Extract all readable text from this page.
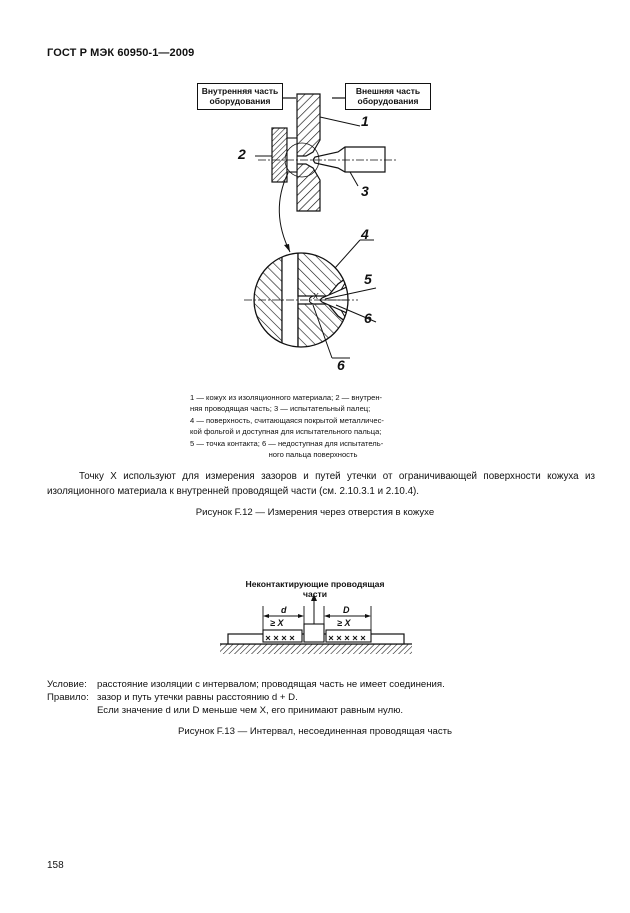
ГОСТ Р МЭК 60950-1—2009
Внутренняя часть оборудования
Внешняя часть оборудования
1
2
3
4
5
6
6
X
1 — кожух из изоляционного материала; 2 — внутрен-
няя проводящая часть; 3 — испытательный палец;
4 — поверхность, считающаяся покрытой металличес-
кой фольгой и доступная для испытательного пальца;
5 — точка контакта; 6 — недоступная для испытатель-
ного пальца поверхность
Точку X используют для измерения зазоров и путей утечки от ограничивающей поверхности кожуха из изоляционного материала к внутренней проводящей части (см. 2.10.3.1 и 2.10.4).
Рисунок F.12 — Измерения через отверстия в кожухе
Неконтактирующие проводящая
части
d	D
≥ X	≥ X
Условие: расстояние изоляции с интервалом; проводящая часть не имеет соединения.
Правило: зазор и путь утечки равны расстоянию d + D.
Если значение d или D меньше чем X, его принимают равным нулю.
Рисунок F.13 — Интервал, несоединенная проводящая часть
158
